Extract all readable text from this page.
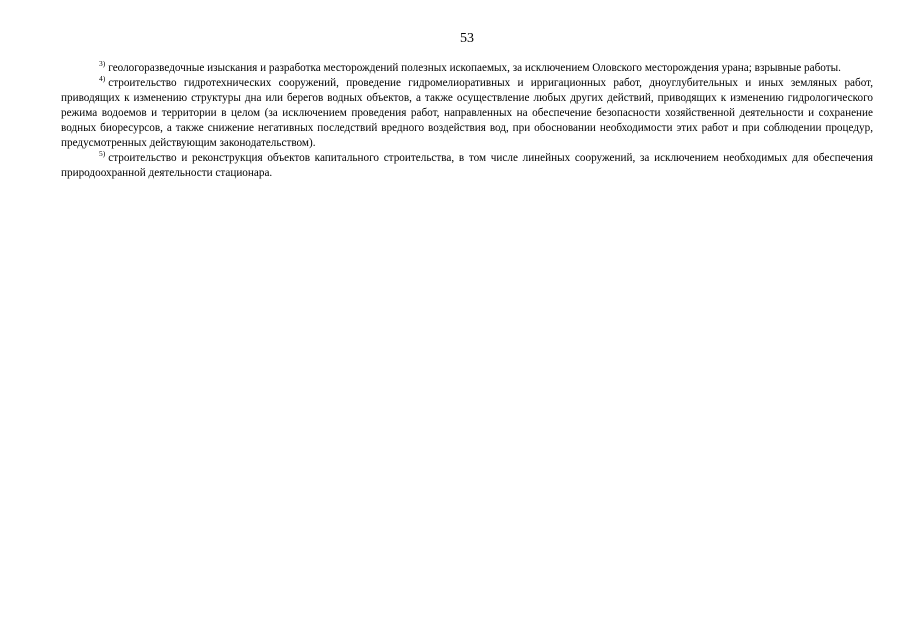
53

$^{3)}$ геологоразведочные изыскания и разработка месторождений полезных ископаемых, за исключением Оловского месторождения урана; взрывные работы.

$^{4)}$ строительство гидротехнических сооружений, проведение гидромелиоративных и ирригационных работ, дноуглубительных и иных земляных работ, приводящих к изменению структуры дна или берегов водных объектов, а также осуществление любых других действий, приводящих к изменению гидрологического режима водоемов и территории в целом (за исключением проведения работ, направленных на обеспечение безопасности хозяйственной деятельности и сохранение водных биоресурсов, а также снижение негативных последствий вредного воздействия вод, при обосновании необходимости этих работ и при соблюдении процедур, предусмотренных действующим законодательством).

$^{5)}$ строительство и реконструкция объектов капитального строительства, в том числе линейных сооружений, за исключением необходимых для обеспечения природоохранной деятельности стационара.
